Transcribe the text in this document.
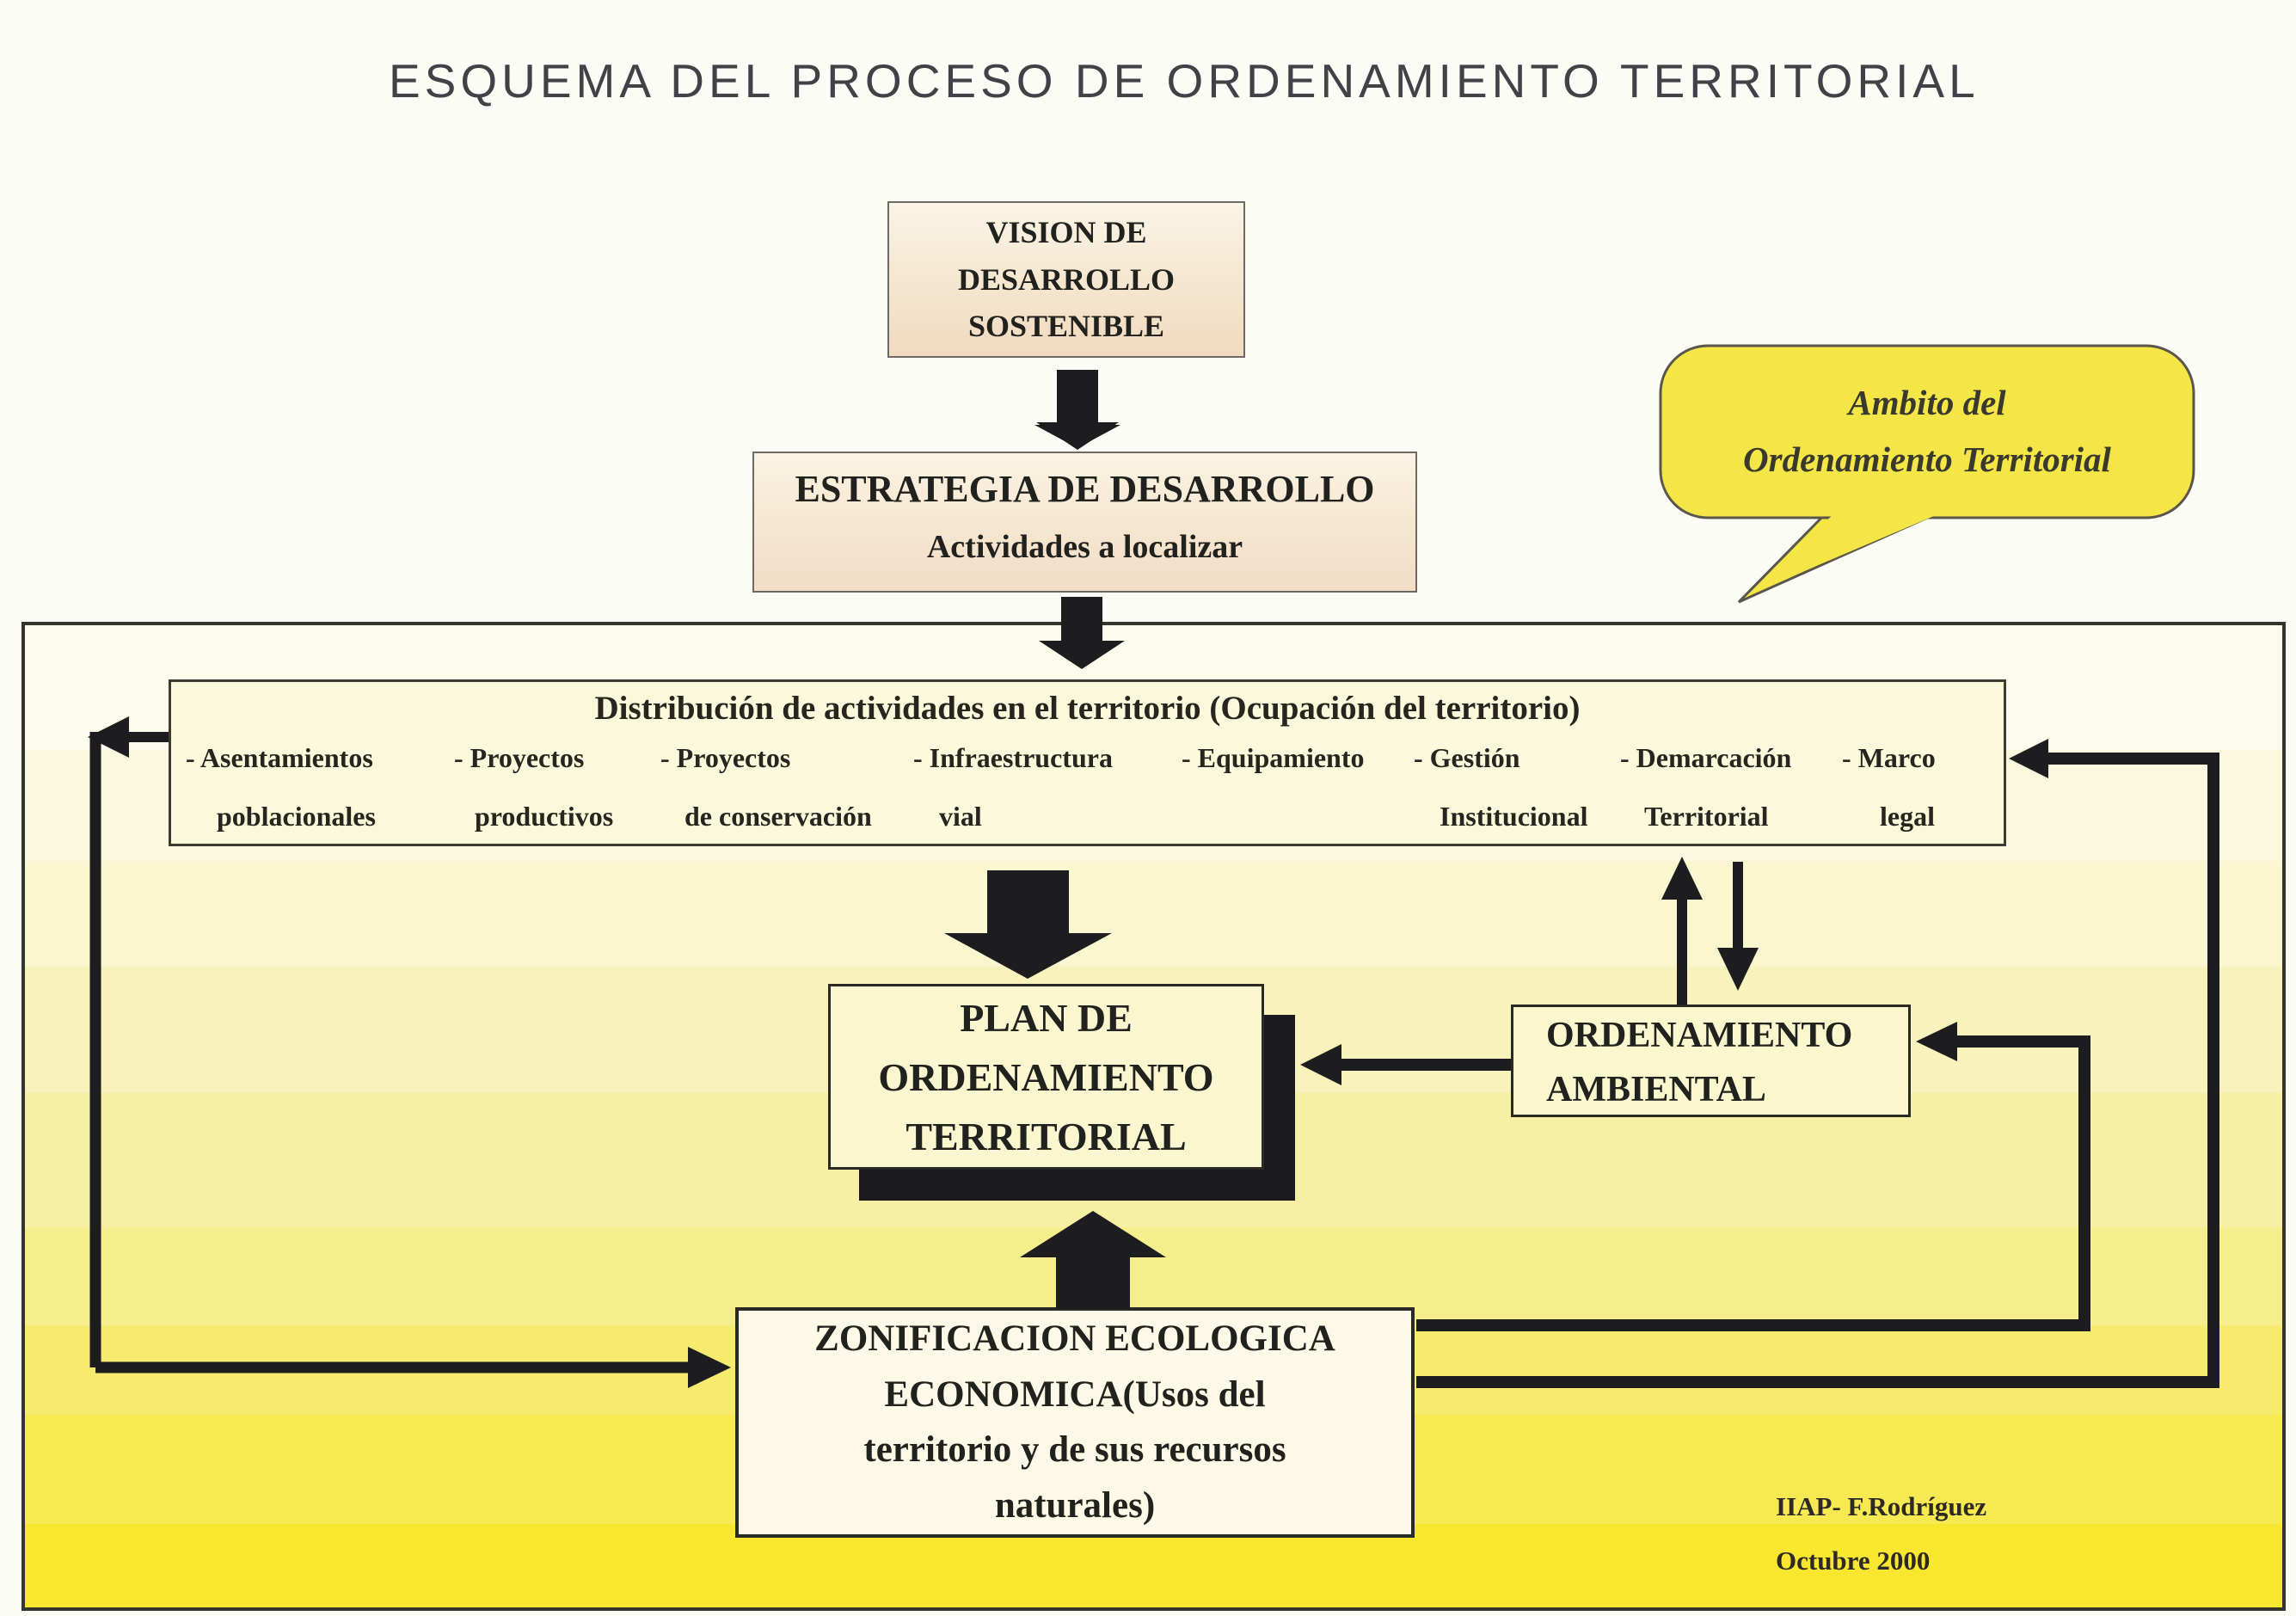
ESQUEMA DEL PROCESO DE ORDENAMIENTO TERRITORIAL
Ambito del
Ordenamiento Territorial
VISION DE
DESARROLLO
SOSTENIBLE
ESTRATEGIA DE DESARROLLO
Actividades a localizar
Distribución de actividades en el territorio (Ocupación del territorio)
- Asentamientos
poblacionales
- Proyectos
productivos
- Proyectos
de conservación
- Infraestructura
vial
- Equipamiento - Gestión
Institucional
- Demarcación
Territorial
- Marco
legal
PLAN DE
ORDENAMIENTO
TERRITORIAL
ORDENAMIENTO
AMBIENTAL
ZONIFICACION ECOLOGICA
ECONOMICA(Usos del
territorio y de sus recursos
naturales)	IIAP- F.Rodríguez
Octubre 2000
